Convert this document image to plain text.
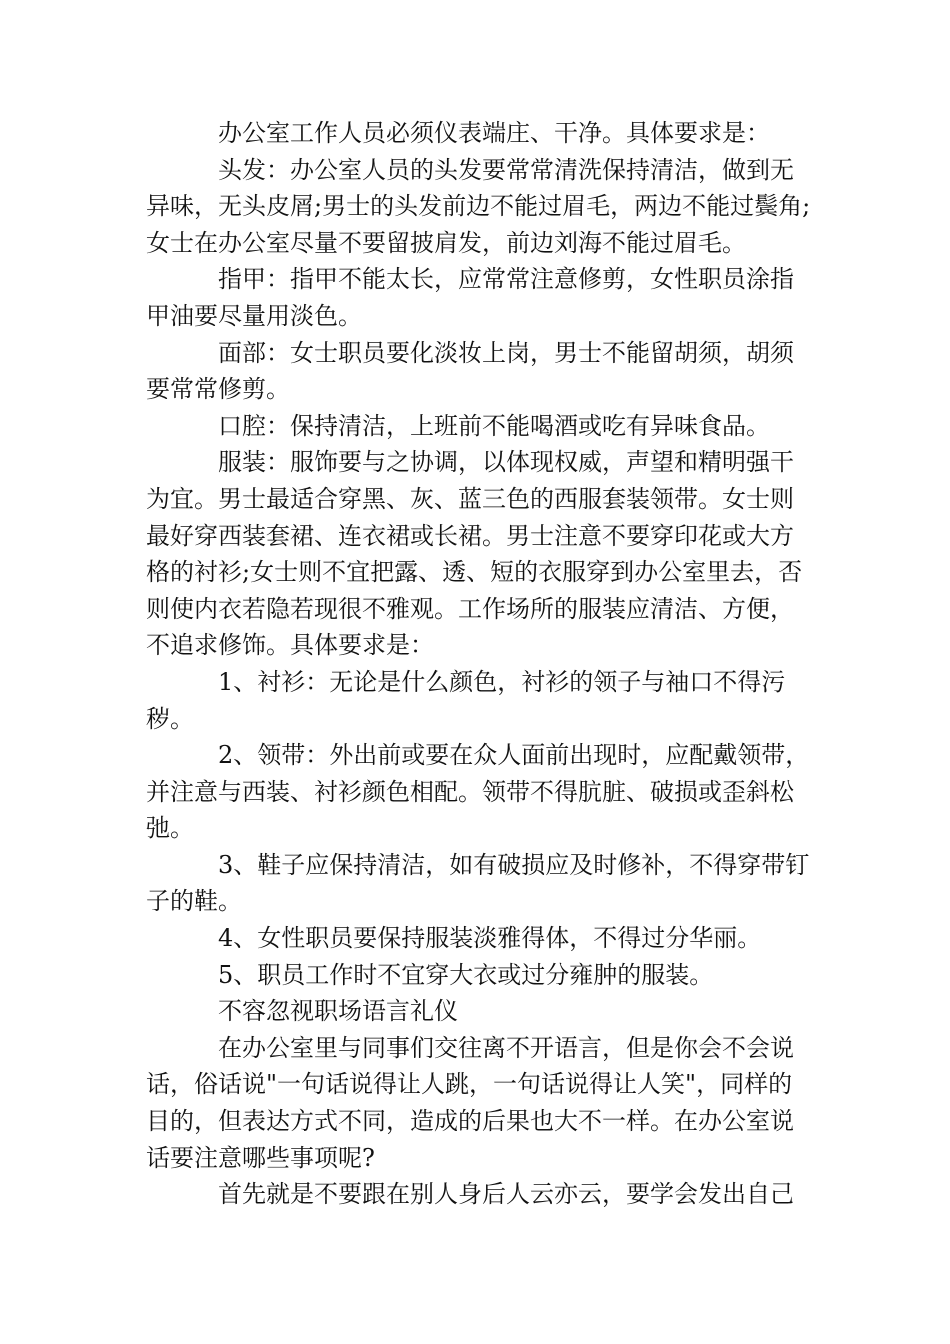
办公室工作人员必须仪表端庄、干净。具体要求是：
头发：办公室人员的头发要常常清洗保持清洁，做到无
异味，无头皮屑;男士的头发前边不能过眉毛，两边不能过鬓角;
女士在办公室尽量不要留披肩发，前边刘海不能过眉毛。
指甲：指甲不能太长，应常常注意修剪，女性职员涂指
甲油要尽量用淡色。
面部：女士职员要化淡妆上岗，男士不能留胡须，胡须
要常常修剪。
口腔：保持清洁，上班前不能喝酒或吃有异味食品。
服装：服饰要与之协调，以体现权威，声望和精明强干
为宜。男士最适合穿黑、灰、蓝三色的西服套装领带。女士则
最好穿西装套裙、连衣裙或长裙。男士注意不要穿印花或大方
格的衬衫;女士则不宜把露、透、短的衣服穿到办公室里去，否
则使内衣若隐若现很不雅观。工作场所的服装应清洁、方便，
不追求修饰。具体要求是：
1、衬衫：无论是什么颜色，衬衫的领子与袖口不得污秽。
2、领带：外出前或要在众人面前出现时，应配戴领带，
并注意与西装、衬衫颜色相配。领带不得肮脏、破损或歪斜松
弛。
3、鞋子应保持清洁，如有破损应及时修补，不得穿带钉
子的鞋。
4、女性职员要保持服装淡雅得体，不得过分华丽。
5、职员工作时不宜穿大衣或过分雍肿的服装。
不容忽视职场语言礼仪
在办公室里与同事们交往离不开语言，但是你会不会说
话，俗话说"一句话说得让人跳，一句话说得让人笑"，同样的
目的，但表达方式不同，造成的后果也大不一样。在办公室说
话要注意哪些事项呢?
首先就是不要跟在别人身后人云亦云，要学会发出自己
